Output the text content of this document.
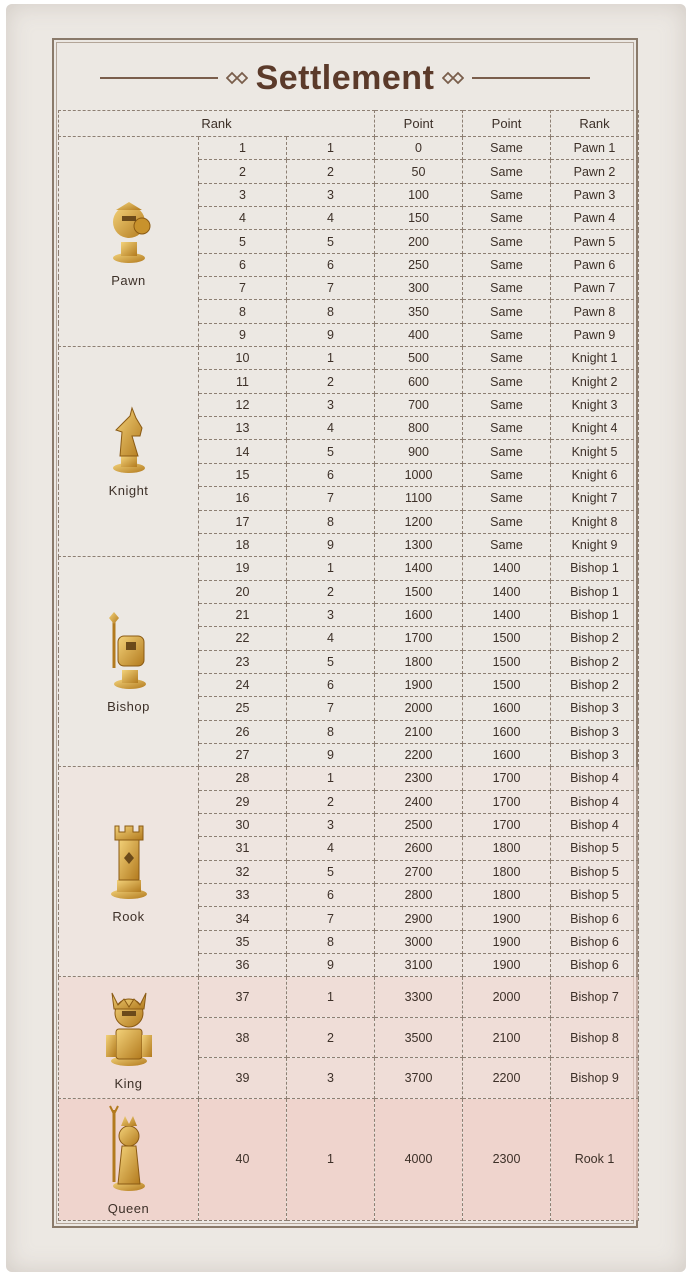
Settlement
Rank			Point	Point	Rank

Pawn	1	1	0	Same	Pawn 1
	2	2	50	Same	Pawn 2
	3	3	100	Same	Pawn 3
	4	4	150	Same	Pawn 4
	5	5	200	Same	Pawn 5
	6	6	250	Same	Pawn 6
	7	7	300	Same	Pawn 7
	8	8	350	Same	Pawn 8
	9	9	400	Same	Pawn 9

Knight	10	1	500	Same	Knight 1
	11	2	600	Same	Knight 2
	12	3	700	Same	Knight 3
	13	4	800	Same	Knight 4
	14	5	900	Same	Knight 5
	15	6	1000	Same	Knight 6
	16	7	1100	Same	Knight 7
	17	8	1200	Same	Knight 8
	18	9	1300	Same	Knight 9

Bishop	19	1	1400	1400	Bishop 1
	20	2	1500	1400	Bishop 1
	21	3	1600	1400	Bishop 1
	22	4	1700	1500	Bishop 2
	23	5	1800	1500	Bishop 2
	24	6	1900	1500	Bishop 2
	25	7	2000	1600	Bishop 3
	26	8	2100	1600	Bishop 3
	27	9	2200	1600	Bishop 3

Rook	28	1	2300	1700	Bishop 4
	29	2	2400	1700	Bishop 4
	30	3	2500	1700	Bishop 4
	31	4	2600	1800	Bishop 5
	32	5	2700	1800	Bishop 5
	33	6	2800	1800	Bishop 5
	34	7	2900	1900	Bishop 6
	35	8	3000	1900	Bishop 6
	36	9	3100	1900	Bishop 6

King	37	1	3300	2000	Bishop 7
	38	2	3500	2100	Bishop 8
	39	3	3700	2200	Bishop 9

Queen	40	1	4000	2300	Rook 1
